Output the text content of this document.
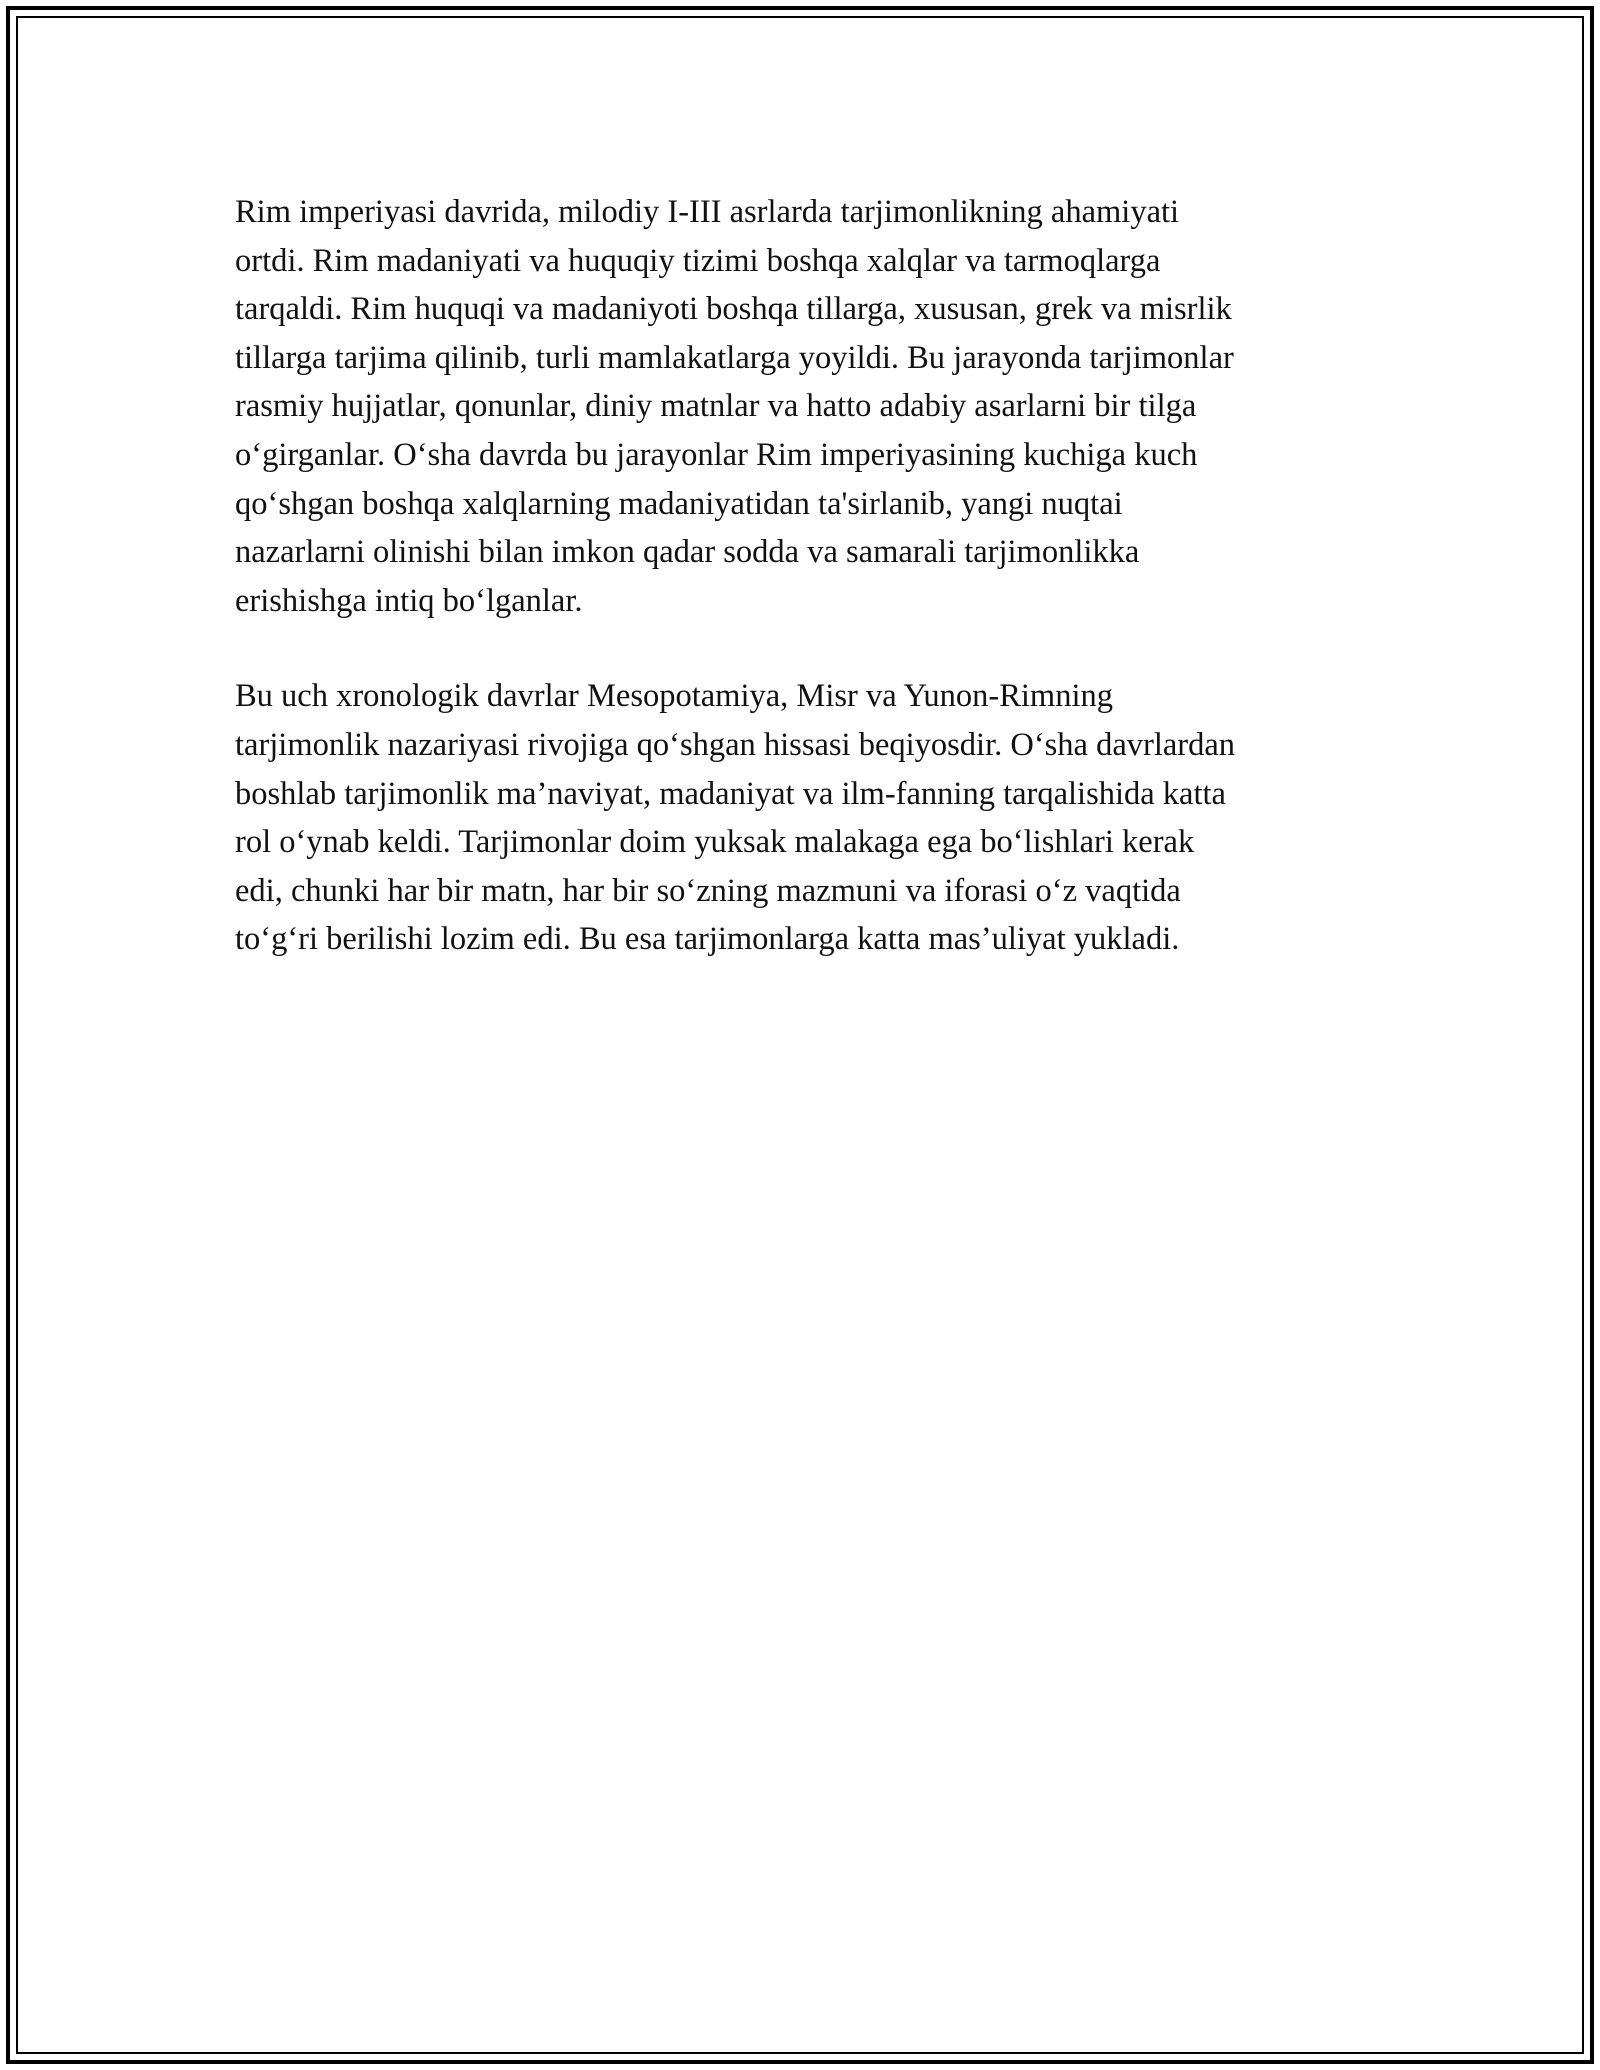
Rim imperiyasi davrida, milodiy I-III asrlarda tarjimonlikning ahamiyati
ortdi. Rim madaniyati va huquqiy tizimi boshqa xalqlar va tarmoqlarga
tarqaldi. Rim huquqi va madaniyoti boshqa tillarga, xususan, grek va misrlik
tillarga tarjima qilinib, turli mamlakatlarga yoyildi. Bu jarayonda tarjimonlar
rasmiy hujjatlar, qonunlar, diniy matnlar va hatto adabiy asarlarni bir tilga
o‘girganlar. O‘sha davrda bu jarayonlar Rim imperiyasining kuchiga kuch
qo‘shgan boshqa xalqlarning madaniyatidan ta'sirlanib, yangi nuqtai
nazarlarni olinishi bilan imkon qadar sodda va samarali tarjimonlikka
erishishga intiq bo‘lganlar.

Bu uch xronologik davrlar Mesopotamiya, Misr va Yunon-Rimning
tarjimonlik nazariyasi rivojiga qo‘shgan hissasi beqiyosdir. O‘sha davrlardan
boshlab tarjimonlik ma’naviyat, madaniyat va ilm-fanning tarqalishida katta
rol o‘ynab keldi. Tarjimonlar doim yuksak malakaga ega bo‘lishlari kerak
edi, chunki har bir matn, har bir so‘zning mazmuni va iforasi o‘z vaqtida
to‘g‘ri berilishi lozim edi. Bu esa tarjimonlarga katta mas’uliyat yukladi.
